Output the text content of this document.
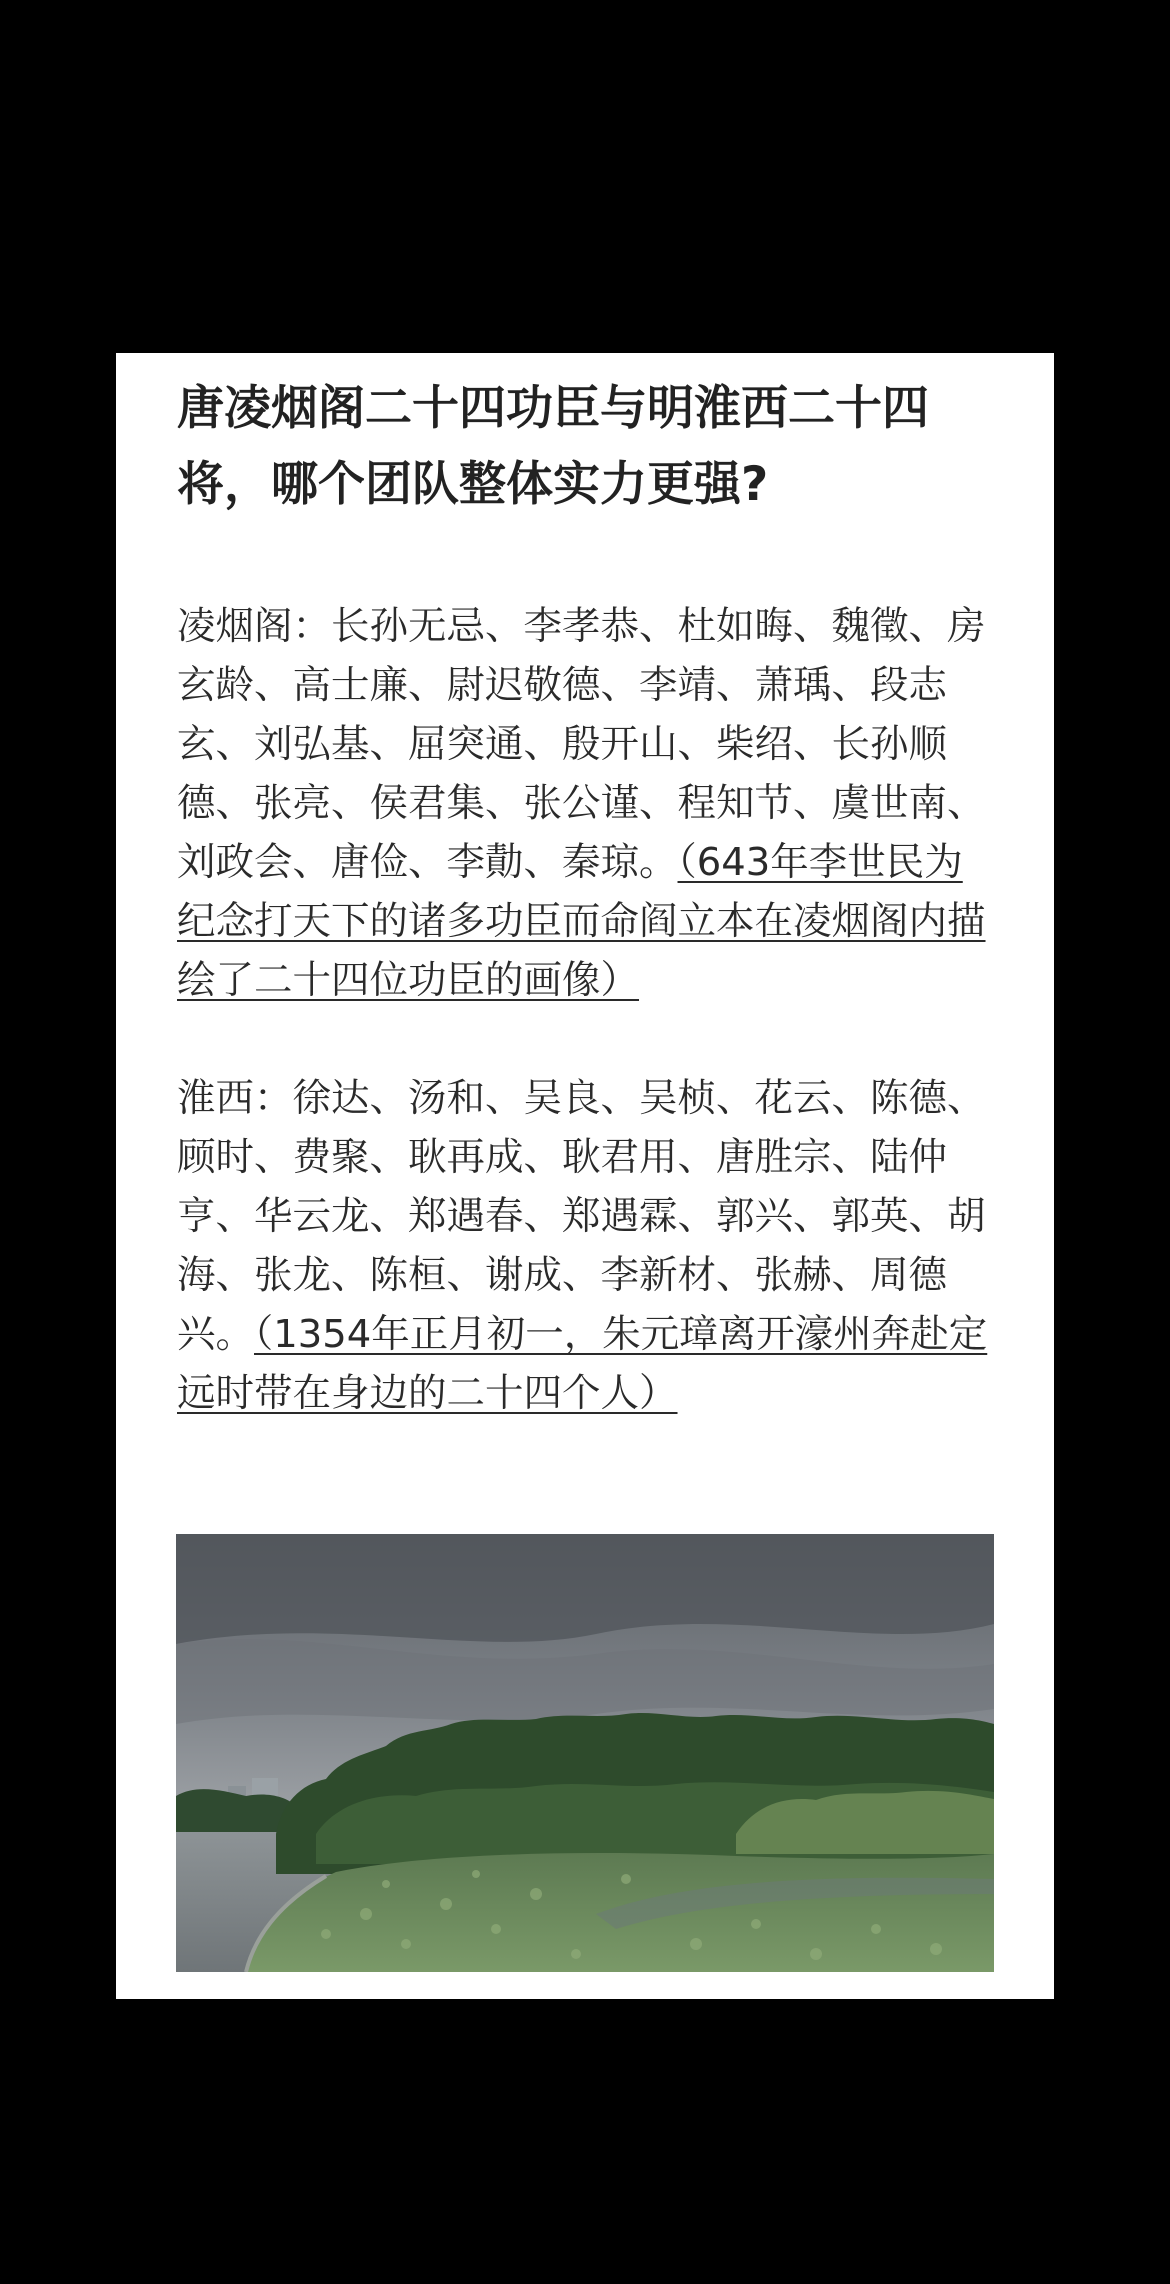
唐凌烟阁二十四功臣与明淮西二十四将，哪个团队整体实力更强?

凌烟阁：长孙无忌、李孝恭、杜如晦、魏徵、房玄龄、高士廉、尉迟敬德、李靖、萧瑀、段志玄、刘弘基、屈突通、殷开山、柴绍、长孙顺德、张亮、侯君集、张公谨、程知节、虞世南、刘政会、唐俭、李勣、秦琼。（643年李世民为纪念打天下的诸多功臣而命阎立本在凌烟阁内描绘了二十四位功臣的画像）

淮西：徐达、汤和、吴良、吴桢、花云、陈德、顾时、费聚、耿再成、耿君用、唐胜宗、陆仲亨、华云龙、郑遇春、郑遇霖、郭兴、郭英、胡海、张龙、陈桓、谢成、李新材、张赫、周德兴。（1354年正月初一，朱元璋离开濠州奔赴定远时带在身边的二十四个人）
